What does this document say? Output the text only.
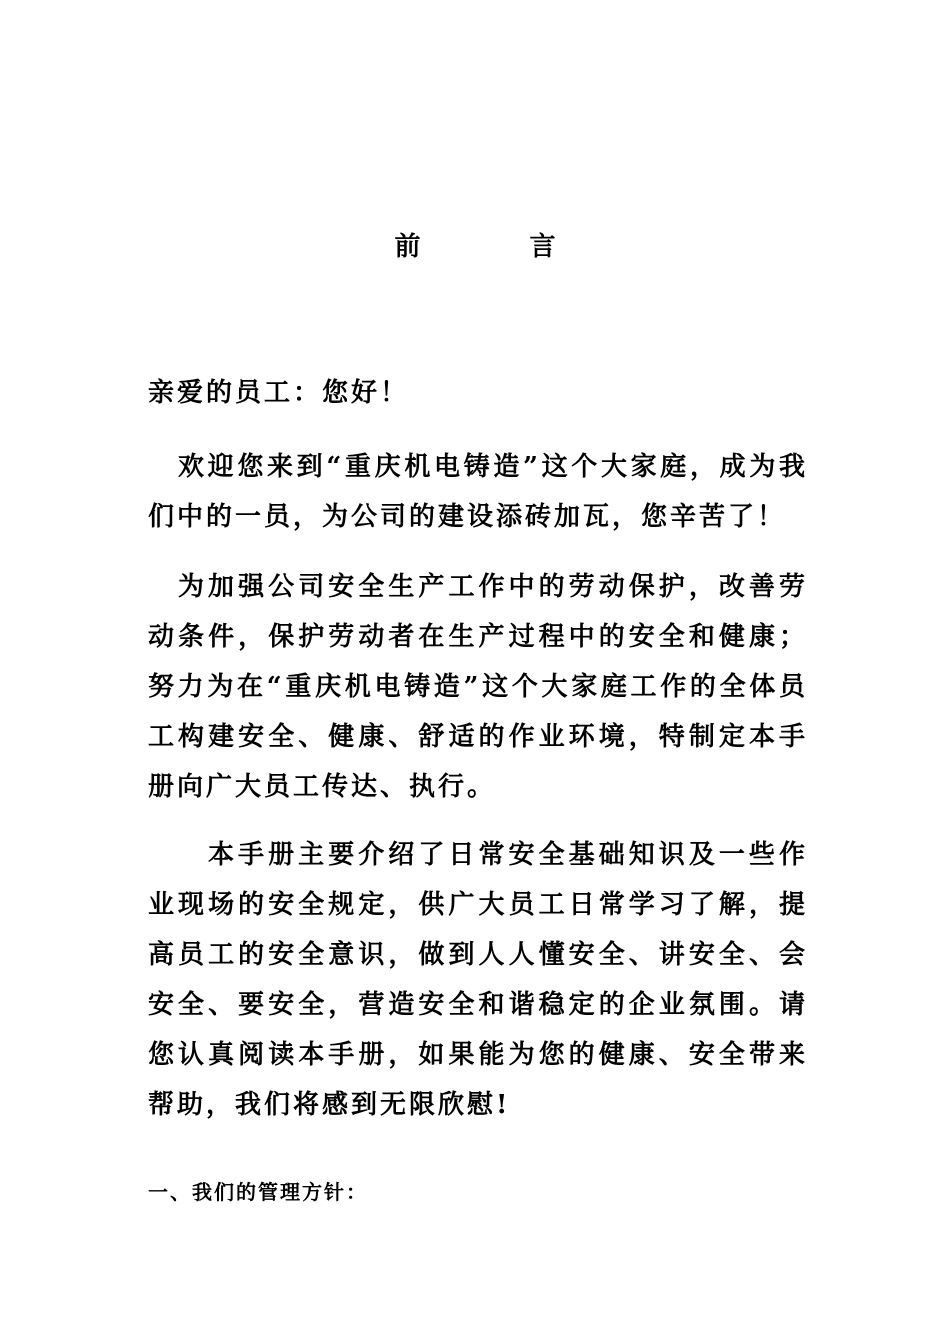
前 言
亲爱的员工：您好！
欢迎您来到“重庆机电铸造”这个大家庭，成为我们中的一员，为公司的建设添砖加瓦，您辛苦了！
为加强公司安全生产工作中的劳动保护，改善劳动条件，保护劳动者在生产过程中的安全和健康；努力为在“重庆机电铸造”这个大家庭工作的全体员工构建安全、健康、舒适的作业环境，特制定本手册向广大员工传达、执行。
本手册主要介绍了日常安全基础知识及一些作业现场的安全规定，供广大员工日常学习了解，提高员工的安全意识，做到人人懂安全、讲安全、会安全、要安全，营造安全和谐稳定的企业氛围。请您认真阅读本手册，如果能为您的健康、安全带来帮助，我们将感到无限欣慰!
一、我们的管理方针：
